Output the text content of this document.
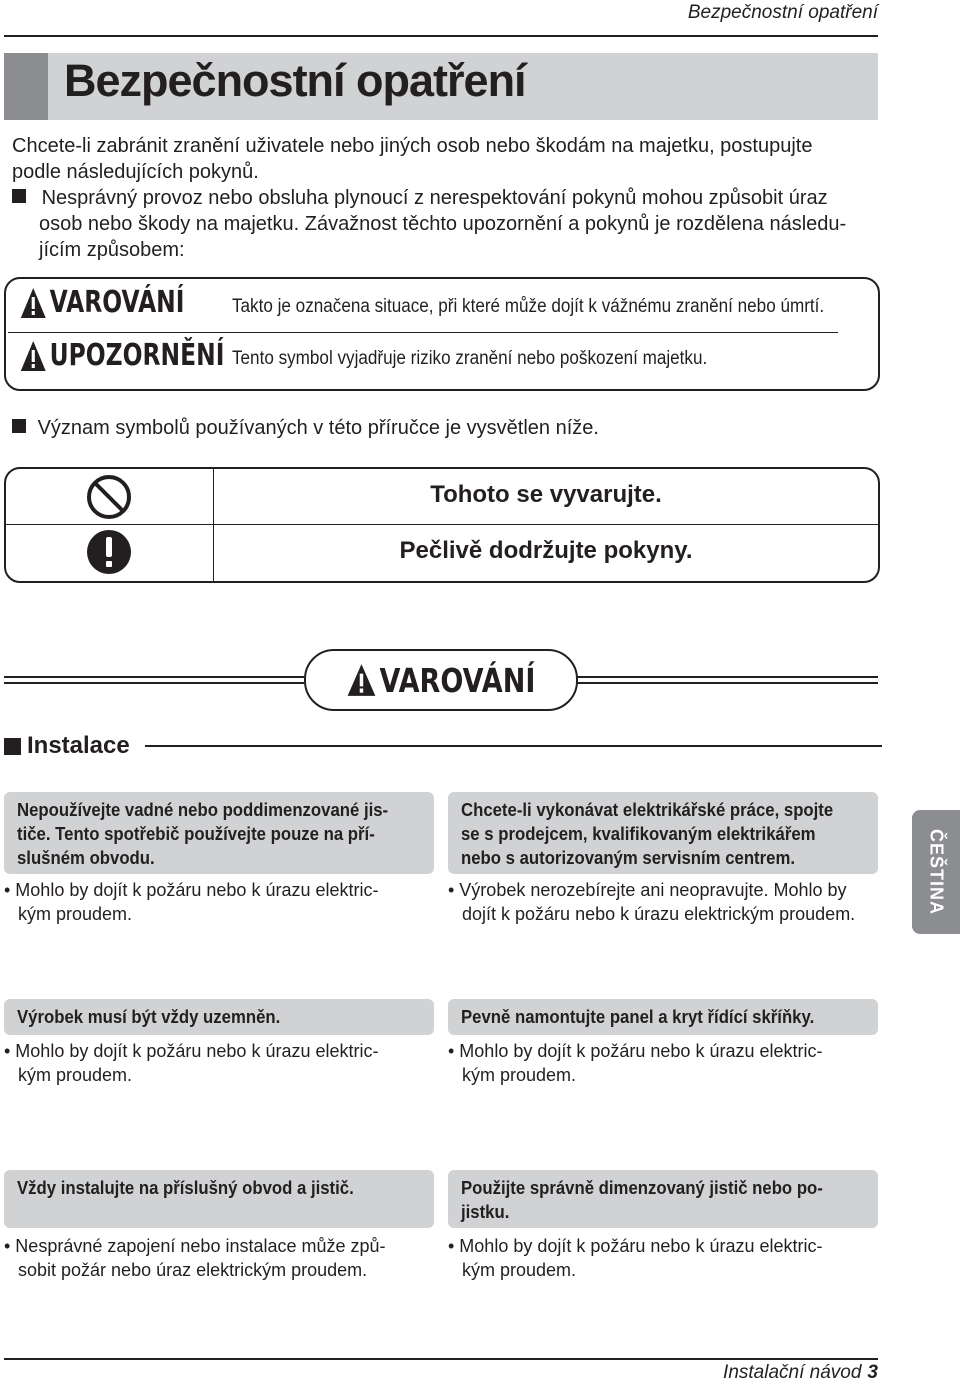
Bezpečnostní opatření
Bezpečnostní opatření
Chcete-li zabránit zranění uživatele nebo jiných osob nebo škodám na majetku, postupujte
podle následujících pokynů.
Nesprávný provoz nebo obsluha plynoucí z nerespektování pokynů mohou způsobit úraz
osob nebo škody na majetku. Závažnost těchto upozornění a pokynů je rozdělena následu-
jícím způsobem:
VAROVÁNÍ	Takto je označena situace, při které může dojít k vážnému zranění nebo úmrtí.
UPOZORNĚNÍ Tento symbol vyjadřuje riziko zranění nebo poškození majetku.
Význam symbolů používaných v této příručce je vysvětlen níže.
Tohoto se vyvarujte.
Pečlivě dodržujte pokyny.
VAROVÁNÍ
Instalace
Nepoužívejte vadné nebo poddimenzované jis-
tiče. Tento spotřebič používejte pouze na pří-
slušném obvodu.
• Mohlo by dojít k požáru nebo k úrazu elektric-
kým proudem.
Chcete-li vykonávat elektrikářské práce, spojte
se s prodejcem, kvalifikovaným elektrikářem
nebo s autorizovaným servisním centrem.
• Výrobek nerozebírejte ani neopravujte. Mohlo by
dojít k požáru nebo k úrazu elektrickým proudem.
Výrobek musí být vždy uzemněn.
• Mohlo by dojít k požáru nebo k úrazu elektric-
kým proudem.
Pevně namontujte panel a kryt řídící skříňky.
• Mohlo by dojít k požáru nebo k úrazu elektric-
kým proudem.
Vždy instalujte na příslušný obvod a jistič.
• Nesprávné zapojení nebo instalace může způ-
sobit požár nebo úraz elektrickým proudem.
Použijte správně dimenzovaný jistič nebo po-
jistku.
• Mohlo by dojít k požáru nebo k úrazu elektric-
kým proudem.
ČEŠTINA
Instalační návod 3
